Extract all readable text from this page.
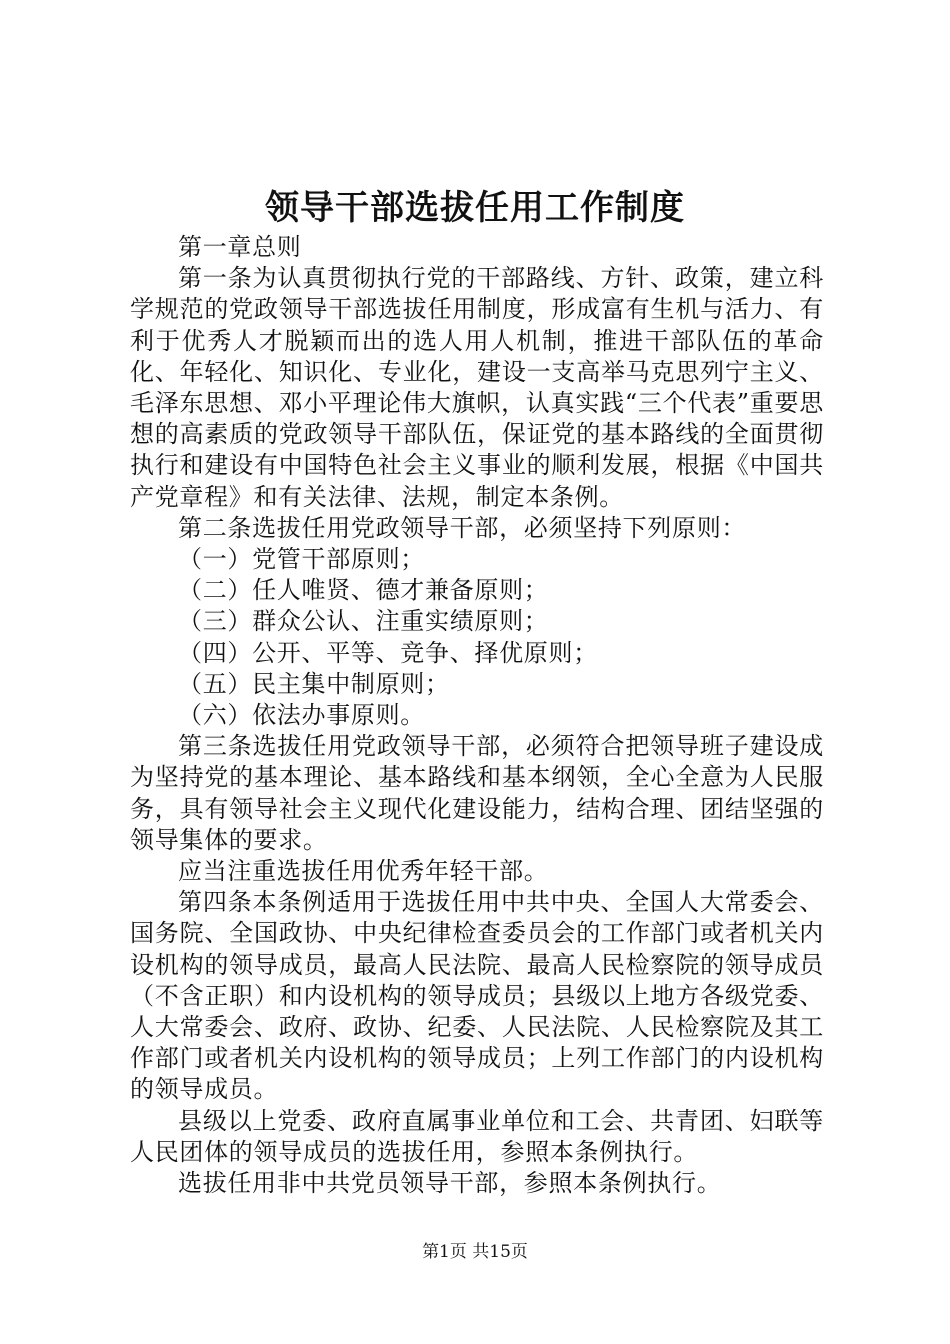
领导干部选拔任用工作制度

第一章总则

第一条为认真贯彻执行党的干部路线、方针、政策，建立科学规范的党政领导干部选拔任用制度，形成富有生机与活力、有利于优秀人才脱颖而出的选人用人机制，推进干部队伍的革命化、年轻化、知识化、专业化，建设一支高举马克思列宁主义、毛泽东思想、邓小平理论伟大旗帜，认真实践“三个代表”重要思想的高素质的党政领导干部队伍，保证党的基本路线的全面贯彻执行和建设有中国特色社会主义事业的顺利发展，根据《中国共产党章程》和有关法律、法规，制定本条例。

第二条选拔任用党政领导干部，必须坚持下列原则：

（一）党管干部原则；

（二）任人唯贤、德才兼备原则；

（三）群众公认、注重实绩原则；

（四）公开、平等、竞争、择优原则；

（五）民主集中制原则；

（六）依法办事原则。

第三条选拔任用党政领导干部，必须符合把领导班子建设成为坚持党的基本理论、基本路线和基本纲领，全心全意为人民服务，具有领导社会主义现代化建设能力，结构合理、团结坚强的领导集体的要求。

应当注重选拔任用优秀年轻干部。

第四条本条例适用于选拔任用中共中央、全国人大常委会、国务院、全国政协、中央纪律检查委员会的工作部门或者机关内设机构的领导成员，最高人民法院、最高人民检察院的领导成员（不含正职）和内设机构的领导成员；县级以上地方各级党委、人大常委会、政府、政协、纪委、人民法院、人民检察院及其工作部门或者机关内设机构的领导成员；上列工作部门的内设机构的领导成员。

县级以上党委、政府直属事业单位和工会、共青团、妇联等人民团体的领导成员的选拔任用，参照本条例执行。

选拔任用非中共党员领导干部，参照本条例执行。

第1页 共15页
